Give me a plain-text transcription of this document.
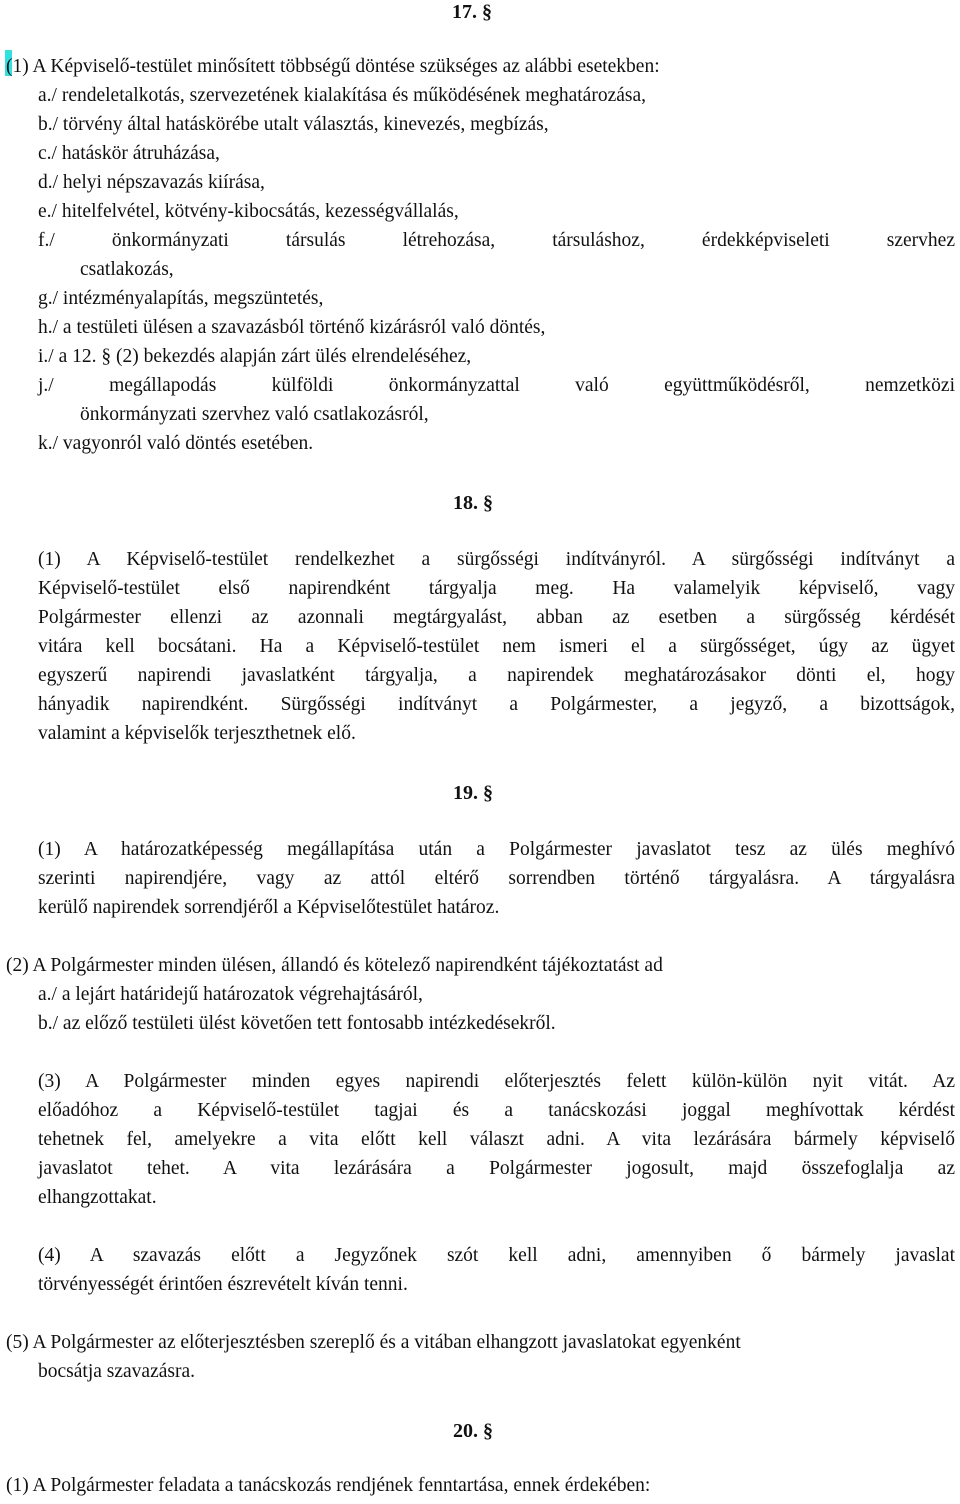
17. §
(1) A Képviselő-testület minősített többségű döntése szükséges az alábbi esetekben:
a./ rendeletalkotás, szervezetének kialakítása és működésének meghatározása,
b./ törvény által hatáskörébe utalt választás, kinevezés, megbízás,
c./ hatáskör átruházása,
d./ helyi népszavazás kiírása,
e./ hitelfelvétel, kötvény-kibocsátás, kezességvállalás,
f./ önkormányzati társulás létrehozása, társuláshoz, érdekképviseleti szervhez
csatlakozás,
g./ intézményalapítás, megszüntetés,
h./ a testületi ülésen a szavazásból történő kizárásról való döntés,
i./ a 12. § (2) bekezdés alapján zárt ülés elrendeléséhez,
j./ megállapodás külföldi önkormányzattal való együttműködésről, nemzetközi
önkormányzati szervhez való csatlakozásról,
k./ vagyonról való döntés esetében.
18. §
(1) A Képviselő-testület rendelkezhet a sürgősségi indítványról. A sürgősségi indítványt a
Képviselő-testület első napirendként tárgyalja meg. Ha valamelyik képviselő, vagy
Polgármester ellenzi az azonnali megtárgyalást, abban az esetben a sürgősség kérdését
vitára kell bocsátani. Ha a Képviselő-testület nem ismeri el a sürgősséget, úgy az ügyet
egyszerű napirendi javaslatként tárgyalja, a napirendek meghatározásakor dönti el, hogy
hányadik napirendként. Sürgősségi indítványt a Polgármester, a jegyző, a bizottságok,
valamint a képviselők terjeszthetnek elő.
19. §
(1) A határozatképesség megállapítása után a Polgármester javaslatot tesz az ülés meghívó
szerinti napirendjére, vagy az attól eltérő sorrendben történő tárgyalásra. A tárgyalásra
kerülő napirendek sorrendjéről a Képviselőtestület határoz.
(2) A Polgármester minden ülésen, állandó és kötelező napirendként tájékoztatást ad
a./ a lejárt határidejű határozatok végrehajtásáról,
b./ az előző testületi ülést követően tett fontosabb intézkedésekről.
(3) A Polgármester minden egyes napirendi előterjesztés felett külön-külön nyit vitát. Az
előadóhoz a Képviselő-testület tagjai és a tanácskozási joggal meghívottak kérdést
tehetnek fel, amelyekre a vita előtt kell választ adni. A vita lezárására bármely képviselő
javaslatot tehet. A vita lezárására a Polgármester jogosult, majd összefoglalja az
elhangzottakat.
(4) A szavazás előtt a Jegyzőnek szót kell adni, amennyiben ő bármely javaslat
törvényességét érintően észrevételt kíván tenni.
(5) A Polgármester az előterjesztésben szereplő és a vitában elhangzott javaslatokat egyenként
bocsátja szavazásra.
20. §
(1) A Polgármester feladata a tanácskozás rendjének fenntartása, ennek érdekében:
